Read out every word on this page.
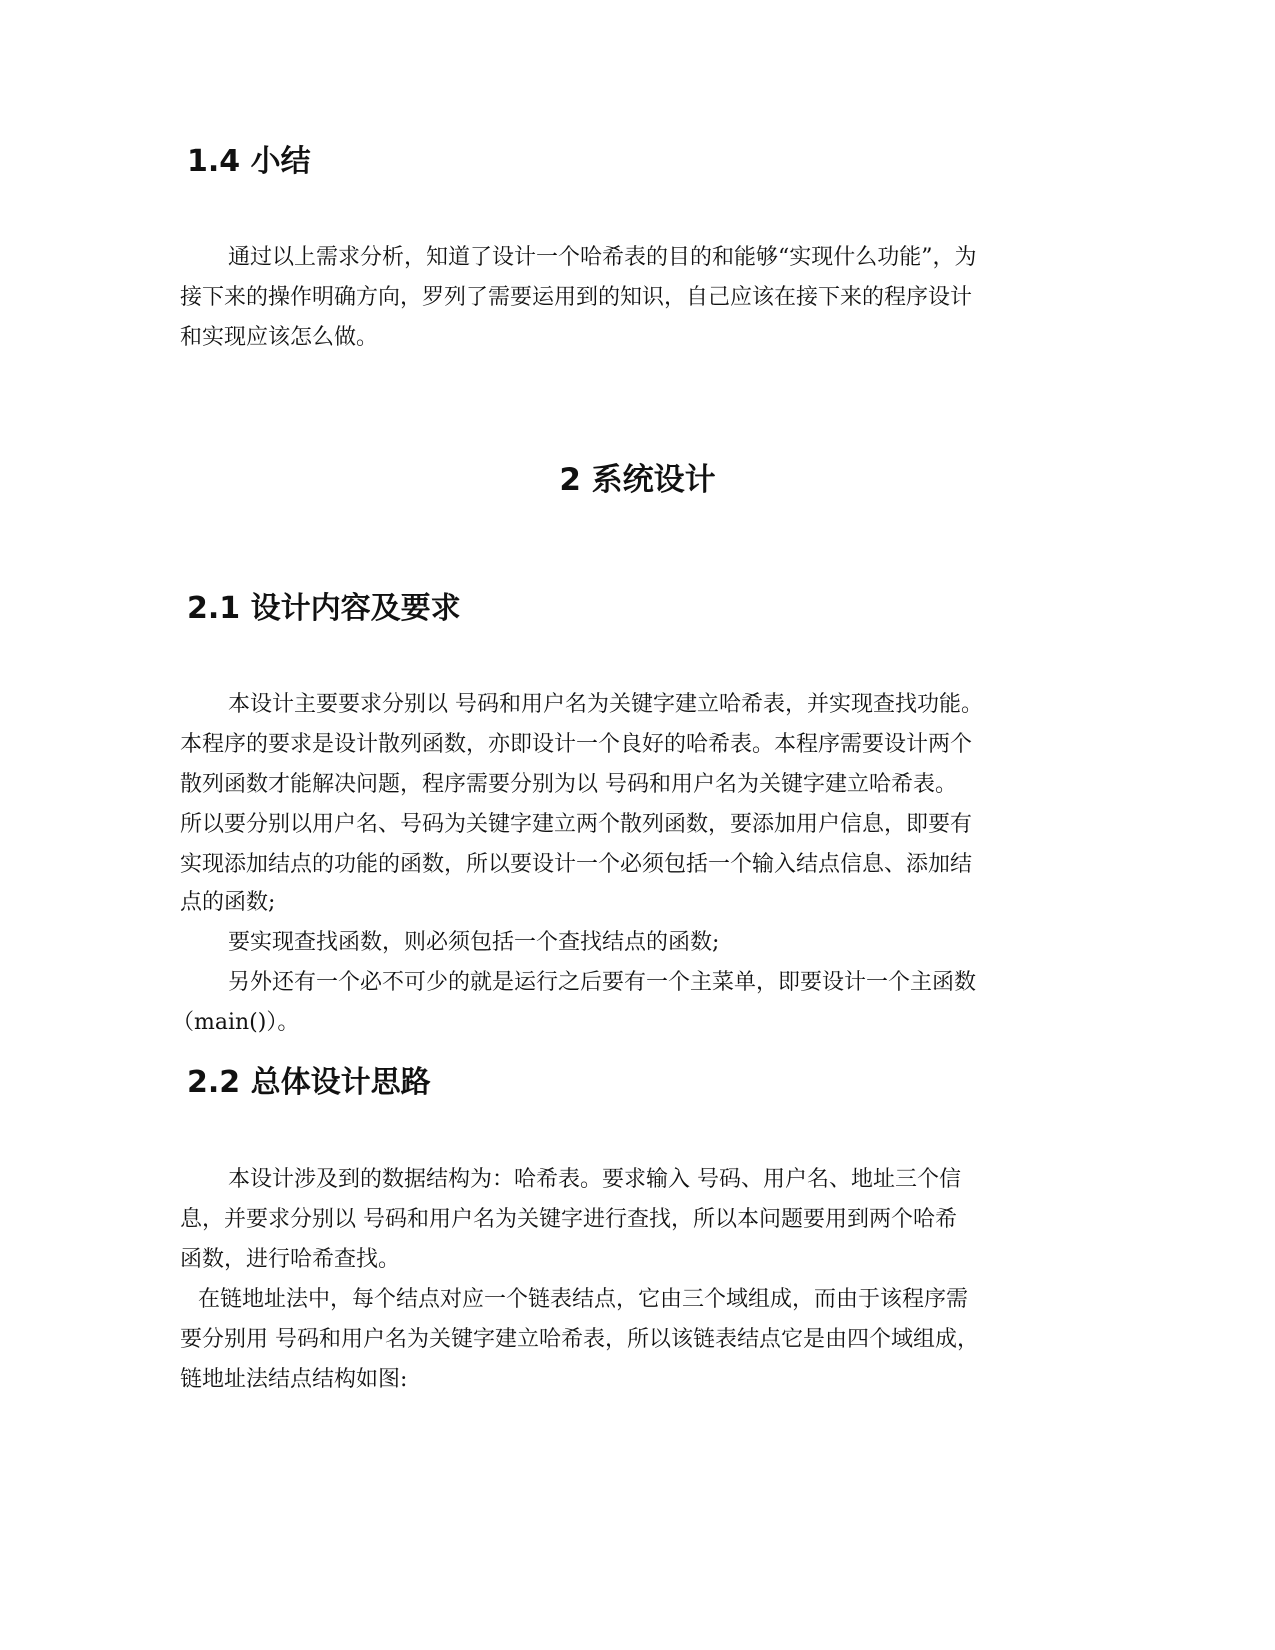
1.4 小结
通过以上需求分析，知道了设计一个哈希表的目的和能够“实现什么功能”，为
接下来的操作明确方向，罗列了需要运用到的知识，自己应该在接下来的程序设计
和实现应该怎么做。
2 系统设计
2.1 设计内容及要求
本设计主要要求分别以 号码和用户名为关键字建立哈希表，并实现查找功能。
本程序的要求是设计散列函数，亦即设计一个良好的哈希表。本程序需要设计两个
散列函数才能解决问题，程序需要分别为以 号码和用户名为关键字建立哈希表。
所以要分别以用户名、号码为关键字建立两个散列函数，要添加用户信息，即要有
实现添加结点的功能的函数，所以要设计一个必须包括一个输入结点信息、添加结
点的函数;
要实现查找函数，则必须包括一个查找结点的函数;
另外还有一个必不可少的就是运行之后要有一个主菜单，即要设计一个主函数
（main()）。
2.2 总体设计思路
本设计涉及到的数据结构为：哈希表。要求输入 号码、用户名、地址三个信
息，并要求分别以 号码和用户名为关键字进行查找，所以本问题要用到两个哈希
函数，进行哈希查找。
在链地址法中，每个结点对应一个链表结点，它由三个域组成，而由于该程序需
要分别用 号码和用户名为关键字建立哈希表，所以该链表结点它是由四个域组成，
链地址法结点结构如图:
